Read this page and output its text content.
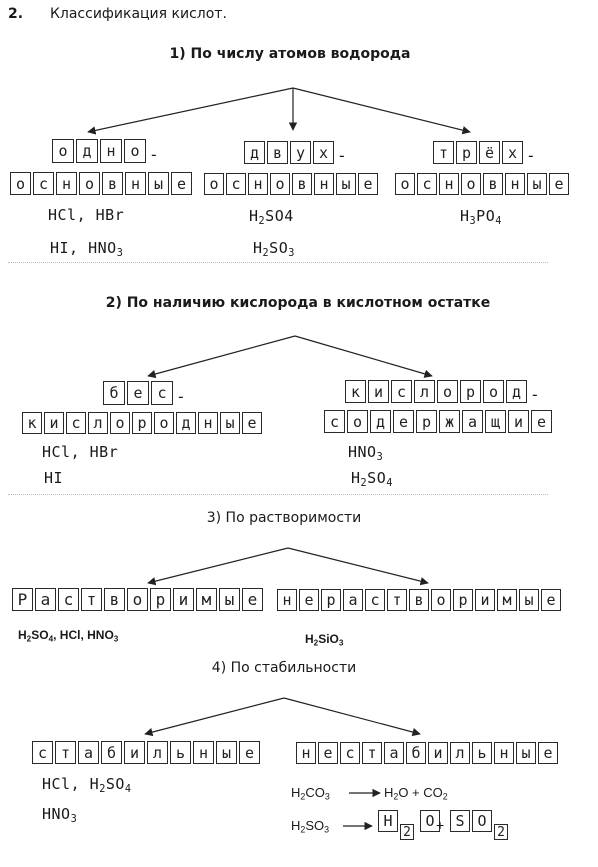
2. Классификация кислот.
1) По числу атомов водорода
о д н о -
о с н о в н ы е
HCl, HBr
HI, $HNO_3$
д в у х -
о с н о в н ы е
$H_2SO4$
$H_2SO_3$
т р ё х -
о с н о в н ы е
$H_3PO_4$
2) По наличию кислорода в кислотном остатке
б е с -
к и с л о р о д н ы е
HCl, HBr
HI
к и с л о р о д -
с о д е р ж а щ и е
$HNO_3$
$H_2SO_4$
3) По растворимости
Р а с т в о р и м ы е
$H_2SO_4$, HCl, $HNO_3$
н е р а с т в о р и м ы е
$H_2SiO_3$
4) По стабильности
с т а б и л ь н ы е
HCl, $H_2SO_4$
$HNO_3$
н е с т а б и л ь н ы е
$H_2CO_3$	$H_2O + CO_2$
$H_2SO_3$	H
2
O + S O
2
